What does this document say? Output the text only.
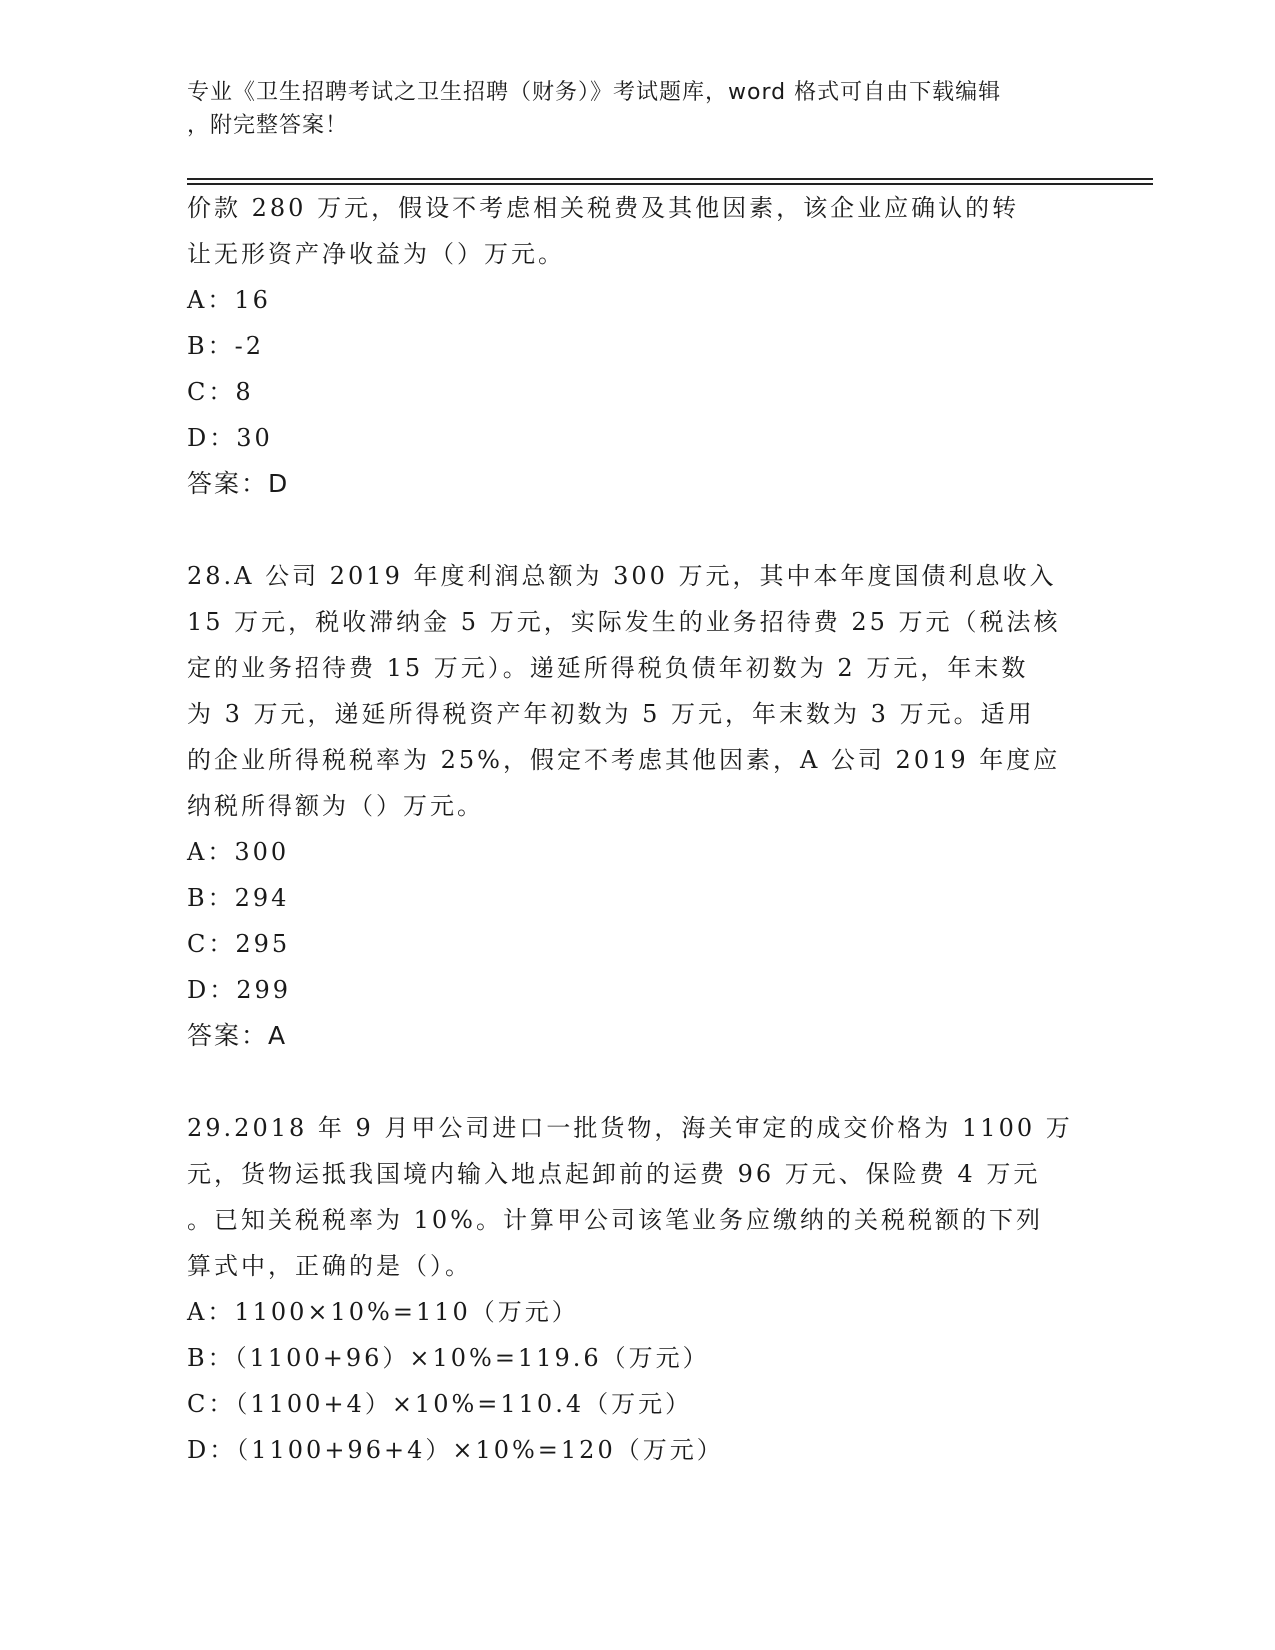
专业《卫生招聘考试之卫生招聘（财务）》考试题库，word 格式可自由下载编辑
，附完整答案！
价款 280 万元，假设不考虑相关税费及其他因素，该企业应确认的转
让无形资产净收益为（）万元。
A：16
B：-2
C：8
D：30
答案：D
28.A 公司 2019 年度利润总额为 300 万元，其中本年度国债利息收入
15 万元，税收滞纳金 5 万元，实际发生的业务招待费 25 万元（税法核
定的业务招待费 15 万元）。递延所得税负债年初数为 2 万元，年末数
为 3 万元，递延所得税资产年初数为 5 万元，年末数为 3 万元。适用
的企业所得税税率为 25%，假定不考虑其他因素，A 公司 2019 年度应
纳税所得额为（）万元。
A：300
B：294
C：295
D：299
答案：A
29.2018 年 9 月甲公司进口一批货物，海关审定的成交价格为 1100 万
元，货物运抵我国境内输入地点起卸前的运费 96 万元、保险费 4 万元
。已知关税税率为 10%。计算甲公司该笔业务应缴纳的关税税额的下列
算式中，正确的是（）。
A：1100×10%=110（万元）
B：（1100+96）×10%=119.6（万元）
C：（1100+4）×10%=110.4（万元）
D：（1100+96+4）×10%=120（万元）
